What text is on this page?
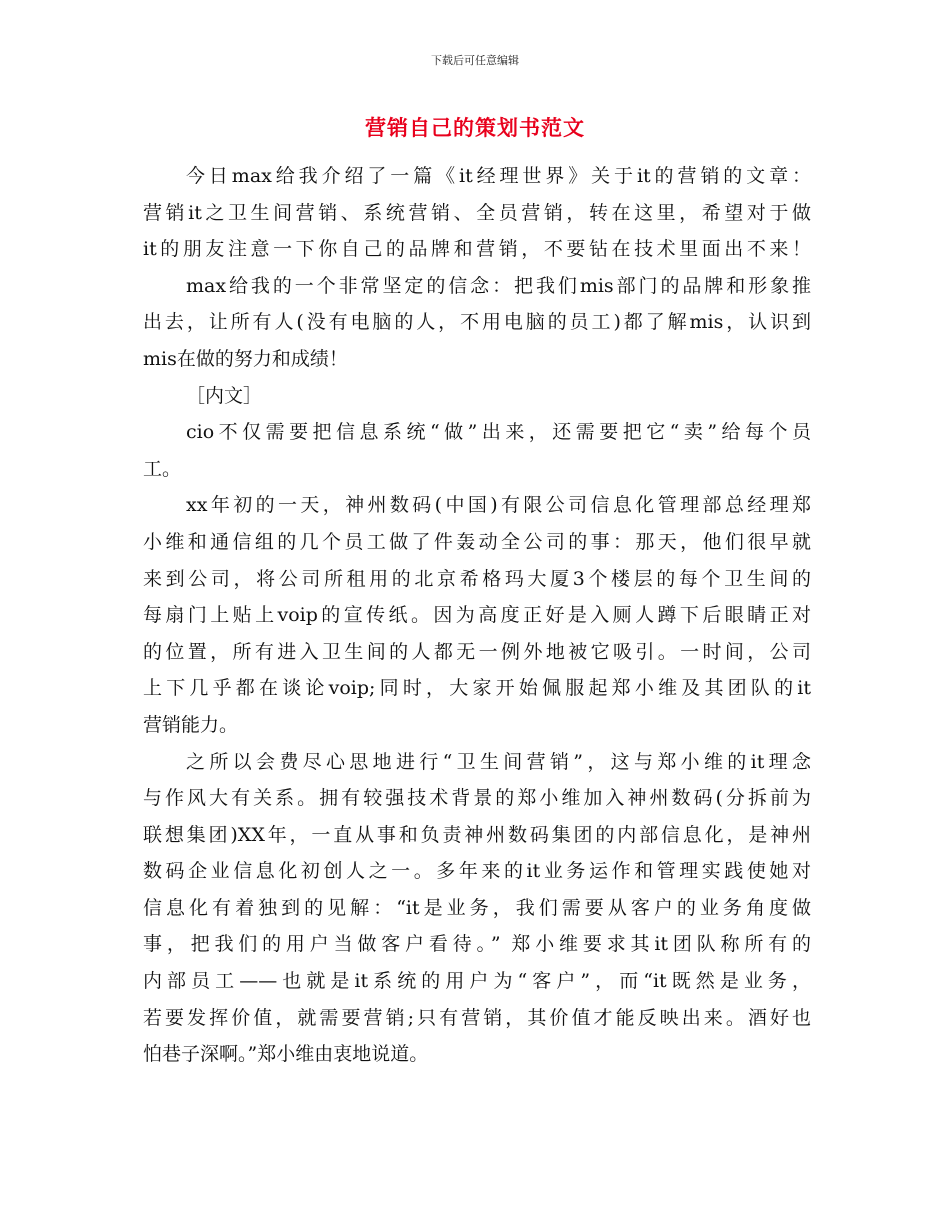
下载后可任意编辑
营销自己的策划书范文
今日max给我介绍了一篇《it经理世界》关于it的营销的文章：
营销it之卫生间营销、系统营销、全员营销，转在这里，希望对于做
it的朋友注意一下你自己的品牌和营销，不要钻在技术里面出不来！
max给我的一个非常坚定的信念：把我们mis部门的品牌和形象推
出去，让所有人(没有电脑的人，不用电脑的员工)都了解mis，认识到
mis在做的努力和成绩！
［内文］
cio不仅需要把信息系统“做”出来，还需要把它“卖”给每个员
工。
xx年初的一天，神州数码(中国)有限公司信息化管理部总经理郑
小维和通信组的几个员工做了件轰动全公司的事：那天，他们很早就
来到公司，将公司所租用的北京希格玛大厦3个楼层的每个卫生间的
每扇门上贴上voip的宣传纸。因为高度正好是入厕人蹲下后眼睛正对
的位置，所有进入卫生间的人都无一例外地被它吸引。一时间，公司
上下几乎都在谈论voip;同时，大家开始佩服起郑小维及其团队的it
营销能力。
之所以会费尽心思地进行“卫生间营销”，这与郑小维的it理念
与作风大有关系。拥有较强技术背景的郑小维加入神州数码(分拆前为
联想集团)XX年，一直从事和负责神州数码集团的内部信息化，是神州
数码企业信息化初创人之一。多年来的it业务运作和管理实践使她对
信息化有着独到的见解：“it是业务，我们需要从客户的业务角度做
事，把我们的用户当做客户看待。” 郑小维要求其it团队称所有的
内部员工——也就是it系统的用户为“客户”，而“it既然是业务，
若要发挥价值，就需要营销;只有营销，其价值才能反映出来。酒好也
怕巷子深啊。”郑小维由衷地说道。
